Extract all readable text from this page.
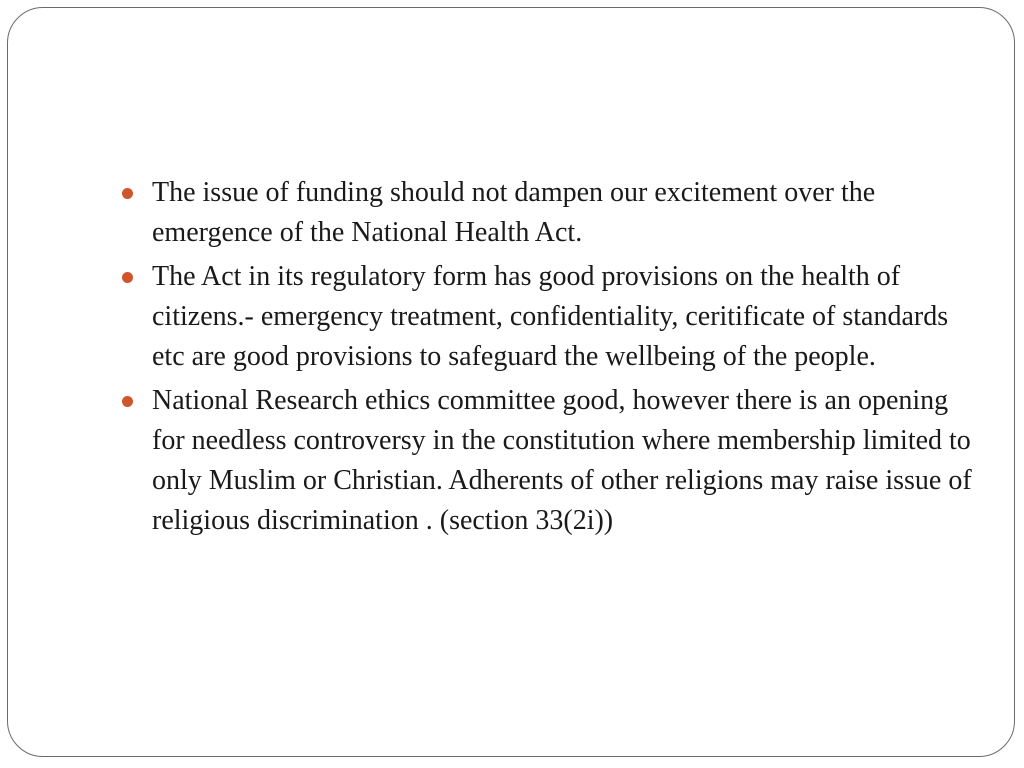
The issue of funding should not dampen our excitement over the emergence of the National Health Act.
The Act in its regulatory form has good provisions on the health of citizens.- emergency treatment, confidentiality, ceritificate of standards etc are good provisions to safeguard the wellbeing of the people.
National Research ethics committee good, however there is an opening for needless controversy in the constitution where membership limited to only Muslim or Christian. Adherents of other religions may raise issue of religious discrimination . (section 33(2i))
